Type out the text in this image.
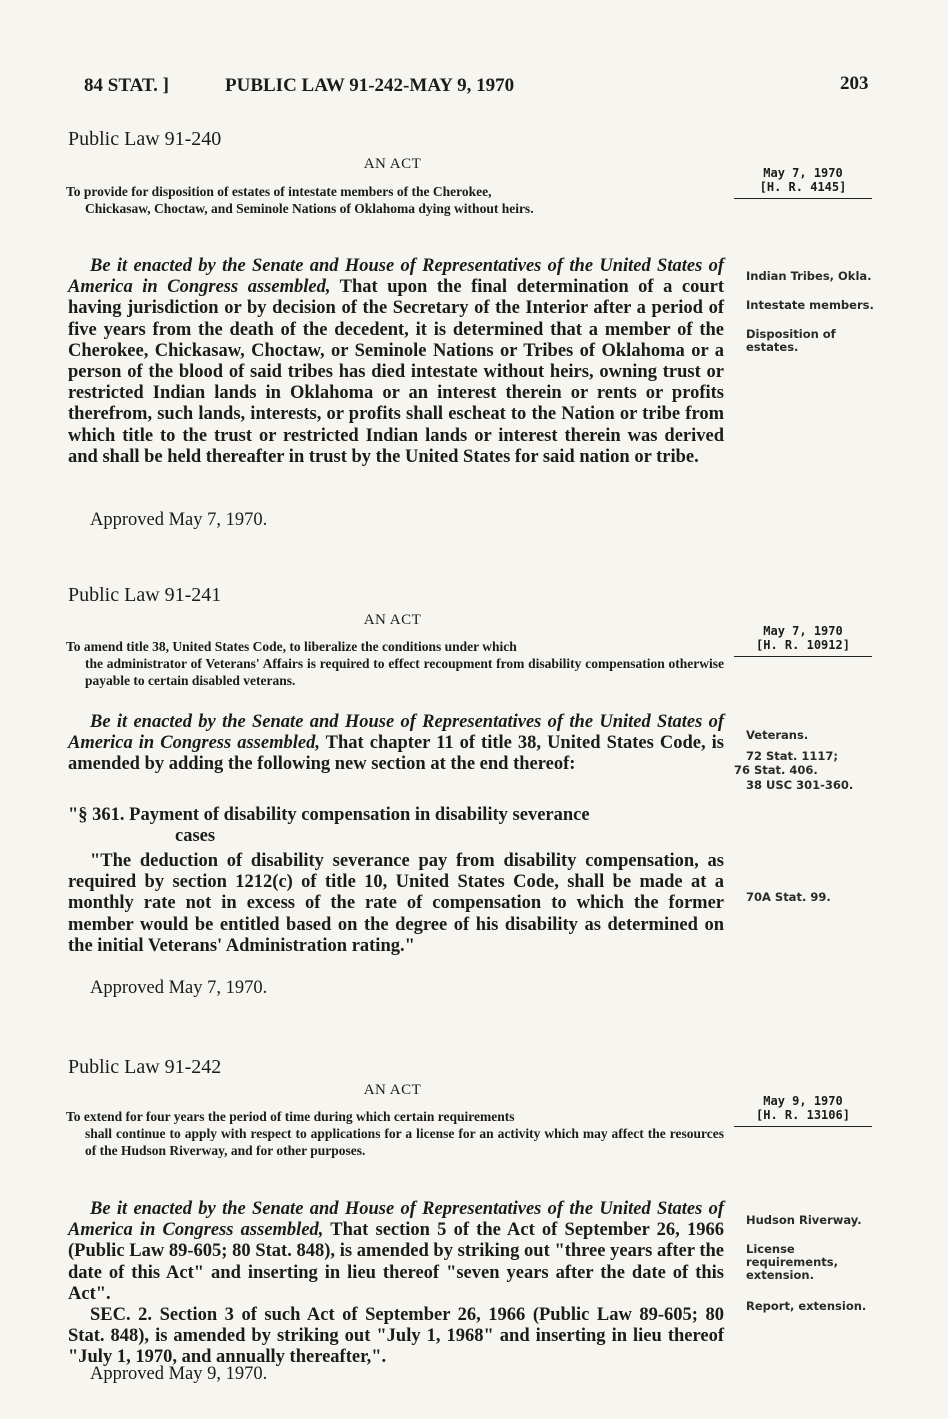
84 STAT. ]	PUBLIC LAW 91-242-MAY 9, 1970	203
Public Law 91-240
AN ACT
May 7, 1970
[H. R. 4145]
To provide for disposition of estates of intestate members of the Cherokee,
Chickasaw, Choctaw, and Seminole Nations of Oklahoma dying without heirs.

Be it enacted by the Senate and House of Representatives of the United States of America in Congress assembled, That upon the final determination of a court having jurisdiction or by decision of the Secretary of the Interior after a period of five years from the death of the decedent, it is determined that a member of the Cherokee, Chickasaw, Choctaw, or Seminole Nations or Tribes of Oklahoma or a person of the blood of said tribes has died intestate without heirs, owning trust or restricted Indian lands in Oklahoma or an interest therein or rents or profits therefrom, such lands, interests, or profits shall escheat to the Nation or tribe from which title to the trust or restricted Indian lands or interest therein was derived and shall be held thereafter in trust by the United States for said nation or tribe.

Approved May 7, 1970.
Indian Tribes, Okla.
Intestate members.
Disposition of estates.
Public Law 91-241
AN ACT
May 7, 1970
[H. R. 10912]
To amend title 38, United States Code, to liberalize the conditions under which
the administrator of Veterans' Affairs is required to effect recoupment from disability compensation otherwise payable to certain disabled veterans.

Be it enacted by the Senate and House of Representatives of the United States of America in Congress assembled, That chapter 11 of title 38, United States Code, is amended by adding the following new section at the end thereof:

"§ 361. Payment of disability compensation in disability severance
cases

"The deduction of disability severance pay from disability compensation, as required by section 1212(c) of title 10, United States Code, shall be made at a monthly rate not in excess of the rate of compensation to which the former member would be entitled based on the degree of his disability as determined on the initial Veterans' Administration rating."

Approved May 7, 1970.
Veterans.
72 Stat. 1117;
76 Stat. 406.
38 USC 301-360.
70A Stat. 99.
Public Law 91-242
AN ACT
May 9, 1970
[H. R. 13106]
To extend for four years the period of time during which certain requirements
shall continue to apply with respect to applications for a license for an activity which may affect the resources of the Hudson Riverway, and for other purposes.

Be it enacted by the Senate and House of Representatives of the United States of America in Congress assembled, That section 5 of the Act of September 26, 1966 (Public Law 89-605; 80 Stat. 848), is amended by striking out "three years after the date of this Act" and inserting in lieu thereof "seven years after the date of this Act".

SEC. 2. Section 3 of such Act of September 26, 1966 (Public Law 89-605; 80 Stat. 848), is amended by striking out "July 1, 1968" and inserting in lieu thereof "July 1, 1970, and annually thereafter,".

Approved May 9, 1970.
Hudson Riverway.
License requirements, extension.
Report, extension.
